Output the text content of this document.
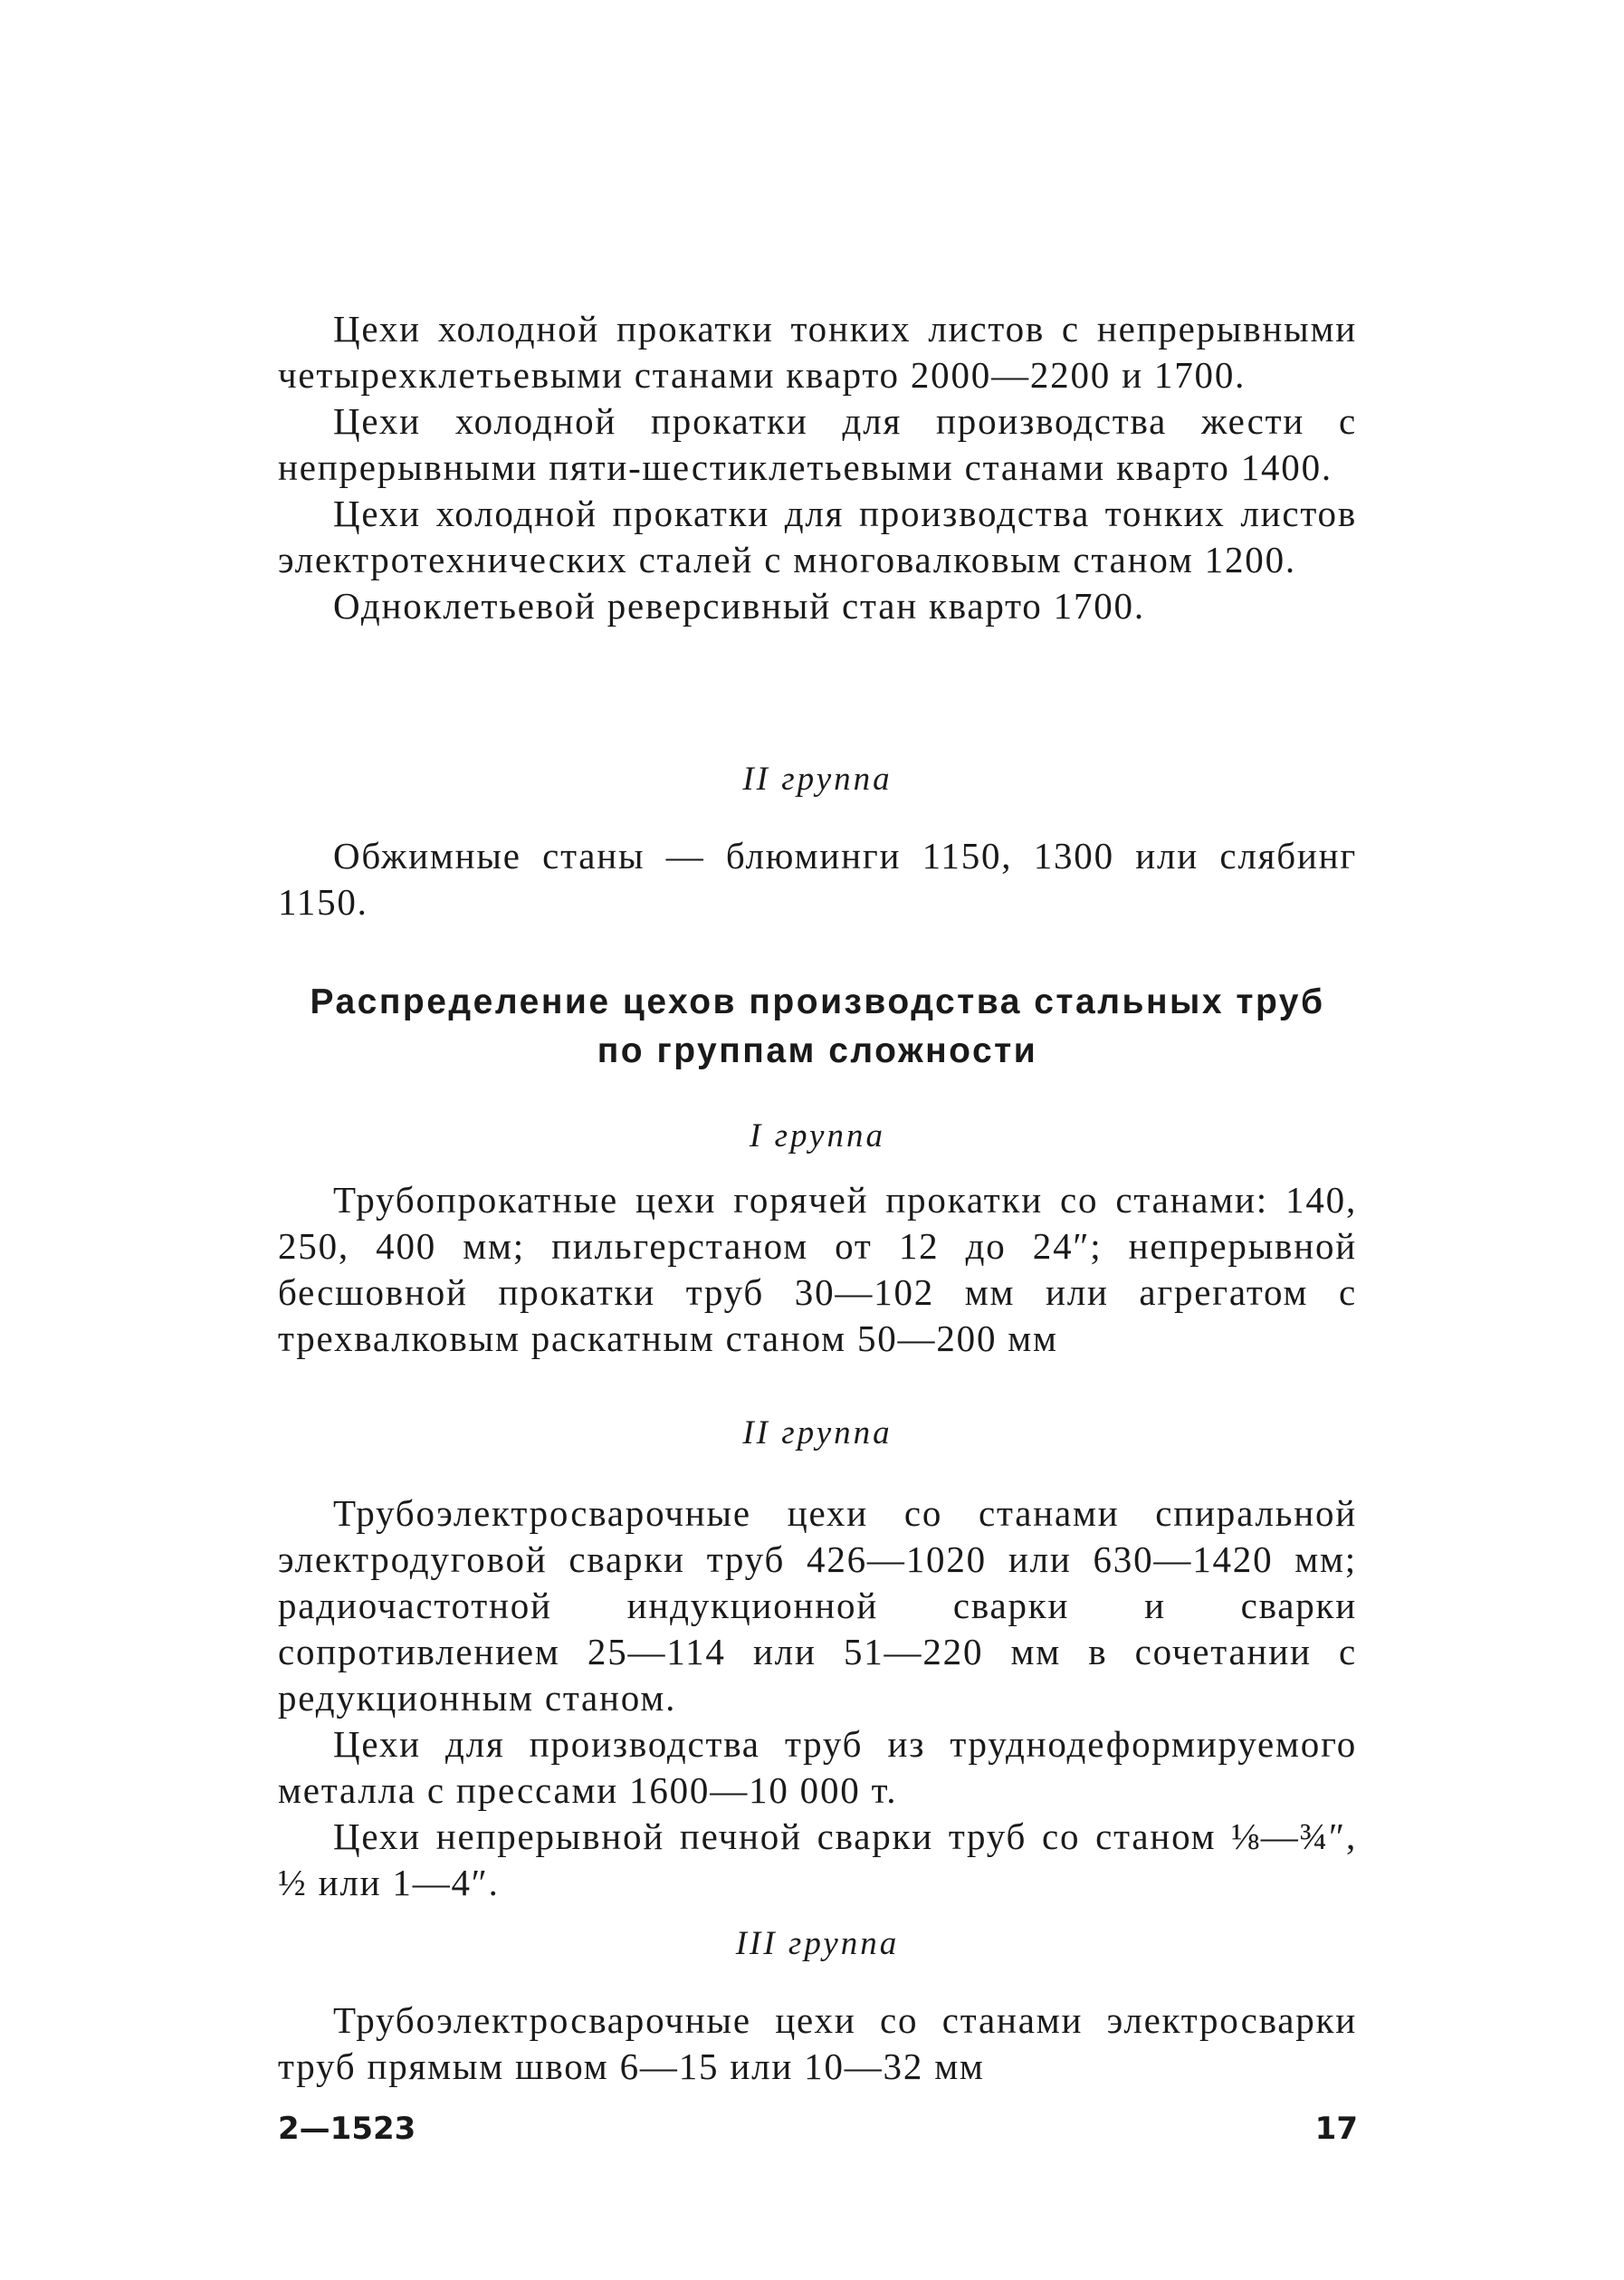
Цехи холодной прокатки тонких листов с непрерывными четырехклетьевыми станами кварто 2000—2200 и 1700.

Цехи холодной прокатки для производства жести с непрерывными пяти-шестиклетьевыми станами кварто 1400.

Цехи холодной прокатки для производства тонких листов электротехнических сталей с многовалковым станом 1200.

Одноклетьевой реверсивный стан кварто 1700.

II группа

Обжимные станы — блюминги 1150, 1300 или слябинг 1150.

Распределение цехов производства стальных труб
по группам сложности
I группа

Трубопрокатные цехи горячей прокатки со станами: 140, 250, 400 мм; пильгерстаном от 12 до 24″; непрерывной бесшовной прокатки труб 30—102 мм или агрегатом с трехвалковым раскатным станом 50—200 мм

II группа

Трубоэлектросварочные цехи со станами спиральной электродуговой сварки труб 426—1020 или 630—1420 мм; радиочастотной индукционной сварки и сварки сопротивлением 25—114 или 51—220 мм в сочетании с редукционным станом.

Цехи для производства труб из труднодеформируемого металла с прессами 1600—10 000 т.

Цехи непрерывной печной сварки труб со станом ⅛—¾″, ½ или 1—4″.

III группа

Трубоэлектросварочные цехи со станами электросварки труб прямым швом 6—15 или 10—32 мм

2—1523	17
